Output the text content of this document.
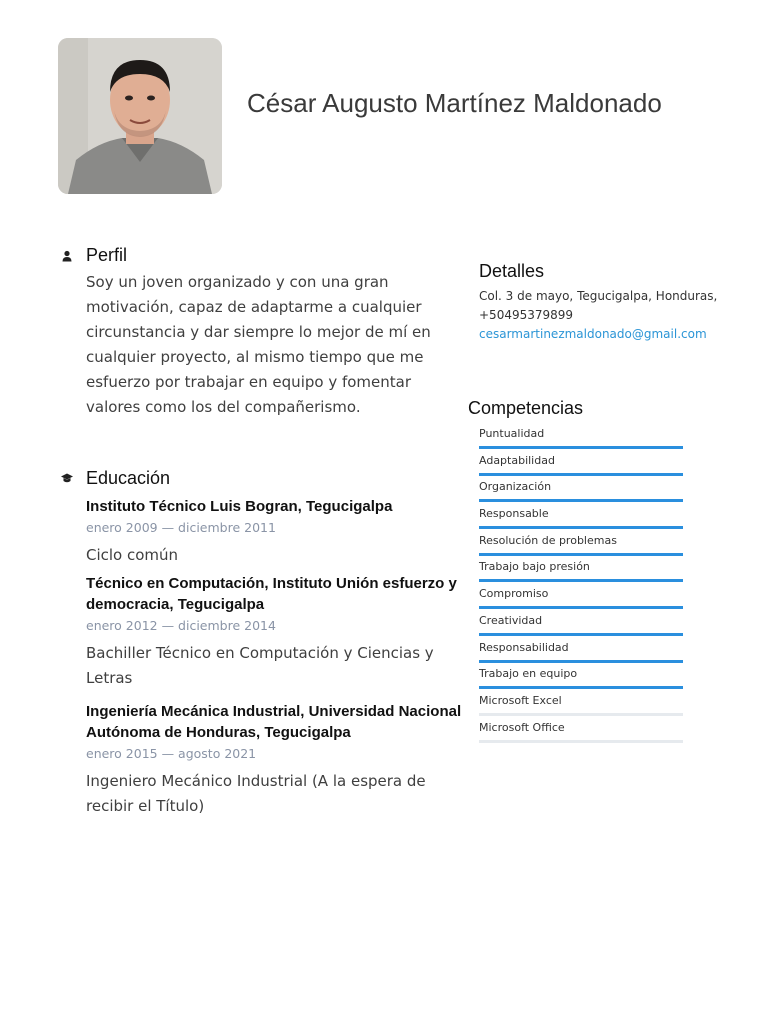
César Augusto Martínez Maldonado
Perfil
Soy un joven organizado y con una gran motivación, capaz de adaptarme a cualquier circunstancia y dar siempre lo mejor de mí en cualquier proyecto, al mismo tiempo que me esfuerzo por trabajar en equipo y fomentar valores como los del compañerismo.
Educación
Instituto Técnico Luis Bogran, Tegucigalpa
enero 2009 — diciembre 2011
Ciclo común
Técnico en Computación, Instituto Unión esfuerzo y democracia, Tegucigalpa
enero 2012 — diciembre 2014
Bachiller Técnico en Computación y Ciencias y Letras
Ingeniería Mecánica Industrial, Universidad Nacional Autónoma de Honduras, Tegucigalpa
enero 2015 — agosto 2021
Ingeniero Mecánico Industrial (A la espera de recibir el Título)
Detalles
Col. 3 de mayo, Tegucigalpa, Honduras,
+50495379899
cesarmartinezmaldonado@gmail.com
Competencias
Puntualidad
Adaptabilidad
Organización
Responsable
Resolución de problemas
Trabajo bajo presión
Compromiso
Creatividad
Responsabilidad
Trabajo en equipo
Microsoft Excel
Microsoft Office
